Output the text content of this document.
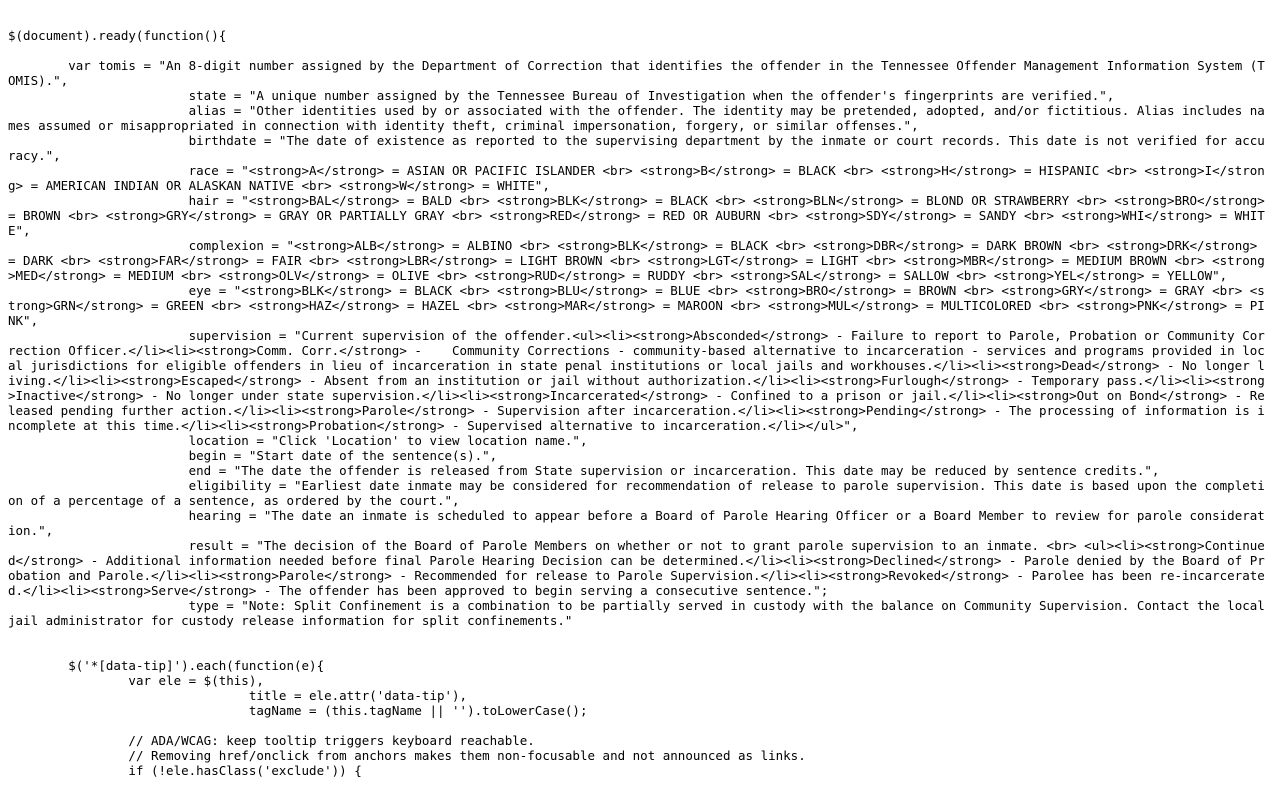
$(document).ready(function(){
	var tomis = "An 8-digit number assigned by the Department of Correction that identifies the offender in the Tennessee Offender Management Information System (TOMIS).",
			state = "A unique number assigned by the Tennessee Bureau of Investigation when the offender's fingerprints are verified.",
			alias = "Other identities used by or associated with the offender. The identity may be pretended, adopted, and/or fictitious. Alias includes names assumed or misappropriated in connection with identity theft, criminal impersonation, forgery, or similar offenses.",
			birthdate = "The date of existence as reported to the supervising department by the inmate or court records. This date is not verified for accuracy.",
			race = "<strong>A</strong> = ASIAN OR PACIFIC ISLANDER <br> <strong>B</strong> = BLACK <br> <strong>H</strong> = HISPANIC <br> <strong>I</strong> = AMERICAN INDIAN OR ALASKAN NATIVE <br> <strong>W</strong> = WHITE",
			hair = "<strong>BAL</strong> = BALD <br> <strong>BLK</strong> = BLACK <br> <strong>BLN</strong> = BLOND OR STRAWBERRY <br> <strong>BRO</strong> = BROWN <br> <strong>GRY</strong> = GRAY OR PARTIALLY GRAY <br> <strong>RED</strong> = RED OR AUBURN <br> <strong>SDY</strong> = SANDY <br> <strong>WHI</strong> = WHITE",
			complexion = "<strong>ALB</strong> = ALBINO <br> <strong>BLK</strong> = BLACK <br> <strong>DBR</strong> = DARK BROWN <br> <strong>DRK</strong> = DARK <br> <strong>FAR</strong> = FAIR <br> <strong>LBR</strong> = LIGHT BROWN <br> <strong>LGT</strong> = LIGHT <br> <strong>MBR</strong> = MEDIUM BROWN <br> <strong>MED</strong> = MEDIUM <br> <strong>OLV</strong> = OLIVE <br> <strong>RUD</strong> = RUDDY <br> <strong>SAL</strong> = SALLOW <br> <strong>YEL</strong> = YELLOW",
			eye = "<strong>BLK</strong> = BLACK <br> <strong>BLU</strong> = BLUE <br> <strong>BRO</strong> = BROWN <br> <strong>GRY</strong> = GRAY <br> <strong>GRN</strong> = GREEN <br> <strong>HAZ</strong> = HAZEL <br> <strong>MAR</strong> = MAROON <br> <strong>MUL</strong> = MULTICOLORED <br> <strong>PNK</strong> = PINK",
			supervision = "Current supervision of the offender.<ul><li><strong>Absconded</strong> - Failure to report to Parole, Probation or Community Correction Officer.</li><li><strong>Comm. Corr.</strong> -    Community Corrections - community-based alternative to incarceration - services and programs provided in local jurisdictions for eligible offenders in lieu of incarceration in state penal institutions or local jails and workhouses.</li><li><strong>Dead</strong> - No longer living.</li><li><strong>Escaped</strong> - Absent from an institution or jail without authorization.</li><li><strong>Furlough</strong> - Temporary pass.</li><li><strong>Inactive</strong> - No longer under state supervision.</li><li><strong>Incarcerated</strong> - Confined to a prison or jail.</li><li><strong>Out on Bond</strong> - Released pending further action.</li><li><strong>Parole</strong> - Supervision after incarceration.</li><li><strong>Pending</strong> - The processing of information is incomplete at this time.</li><li><strong>Probation</strong> - Supervised alternative to incarceration.</li></ul>",
			location = "Click 'Location' to view location name.",
			begin = "Start date of the sentence(s).",
			end = "The date the offender is released from State supervision or incarceration. This date may be reduced by sentence credits.",
			eligibility = "Earliest date inmate may be considered for recommendation of release to parole supervision. This date is based upon the completion of a percentage of a sentence, as ordered by the court.",
			hearing = "The date an inmate is scheduled to appear before a Board of Parole Hearing Officer or a Board Member to review for parole consideration.",
			result = "The decision of the Board of Parole Members on whether or not to grant parole supervision to an inmate. <br> <ul><li><strong>Continued</strong> - Additional information needed before final Parole Hearing Decision can be determined.</li><li><strong>Declined</strong> - Parole denied by the Board of Probation and Parole.</li><li><strong>Parole</strong> - Recommended for release to Parole Supervision.</li><li><strong>Revoked</strong> - Parolee has been re-incarcerated.</li><li><strong>Serve</strong> - The offender has been approved to begin serving a consecutive sentence.";
			type = "Note: Split Confinement is a combination to be partially served in custody with the balance on Community Supervision. Contact the local jail administrator for custody release information for split confinements."
	$('*[data-tip]').each(function(e){
		var ele = $(this),
				title = ele.attr('data-tip'),
				tagName = (this.tagName || '').toLowerCase();
		// ADA/WCAG: keep tooltip triggers keyboard reachable.
		// Removing href/onclick from anchors makes them non-focusable and not announced as links.
		if (!ele.hasClass('exclude')) {
